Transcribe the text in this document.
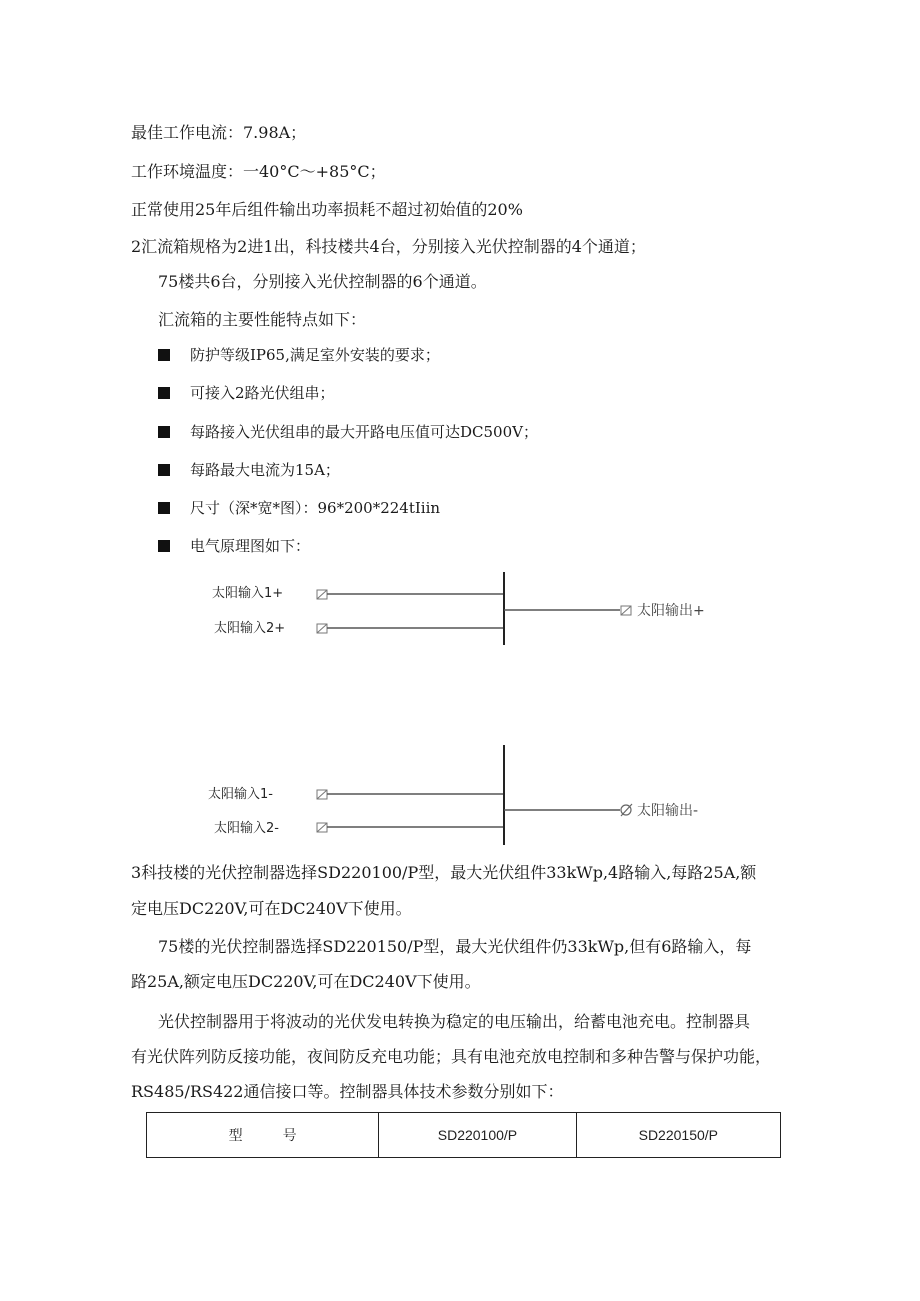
最佳工作电流：7.98A；
工作环境温度：一40°C〜+85°C；
正常使用25年后组件输出功率损耗不超过初始值的20%
2汇流箱规格为2进1出，科技楼共4台，分别接入光伏控制器的4个通道；
75楼共6台，分别接入光伏控制器的6个通道。
汇流箱的主要性能特点如下：
防护等级IP65,满足室外安装的要求；
可接入2路光伏组串；
每路接入光伏组串的最大开路电压值可达DC500V；
每路最大电流为15A；
尺寸（深*宽*图）：96*200*224tIiin
电气原理图如下：
太阳输入1+
太阳输入2+
太阳输出+
太阳输入1-
太阳输入2-
太阳输出-
3科技楼的光伏控制器选择SD220100/P型，最大光伏组件33kWp,4路输入,每路25A,额
定电压DC220V,可在DC240V下使用。
75楼的光伏控制器选择SD220150/P型，最大光伏组件仍33kWp,但有6路输入，每
路25A,额定电压DC220V,可在DC240V下使用。
光伏控制器用于将波动的光伏发电转换为稳定的电压输出，给蓄电池充电。控制器具
有光伏阵列防反接功能，夜间防反充电功能；具有电池充放电控制和多种告警与保护功能，
RS485/RS422通信接口等。控制器具体技术参数分别如下：
型号	SD220100/P	SD220150/P
